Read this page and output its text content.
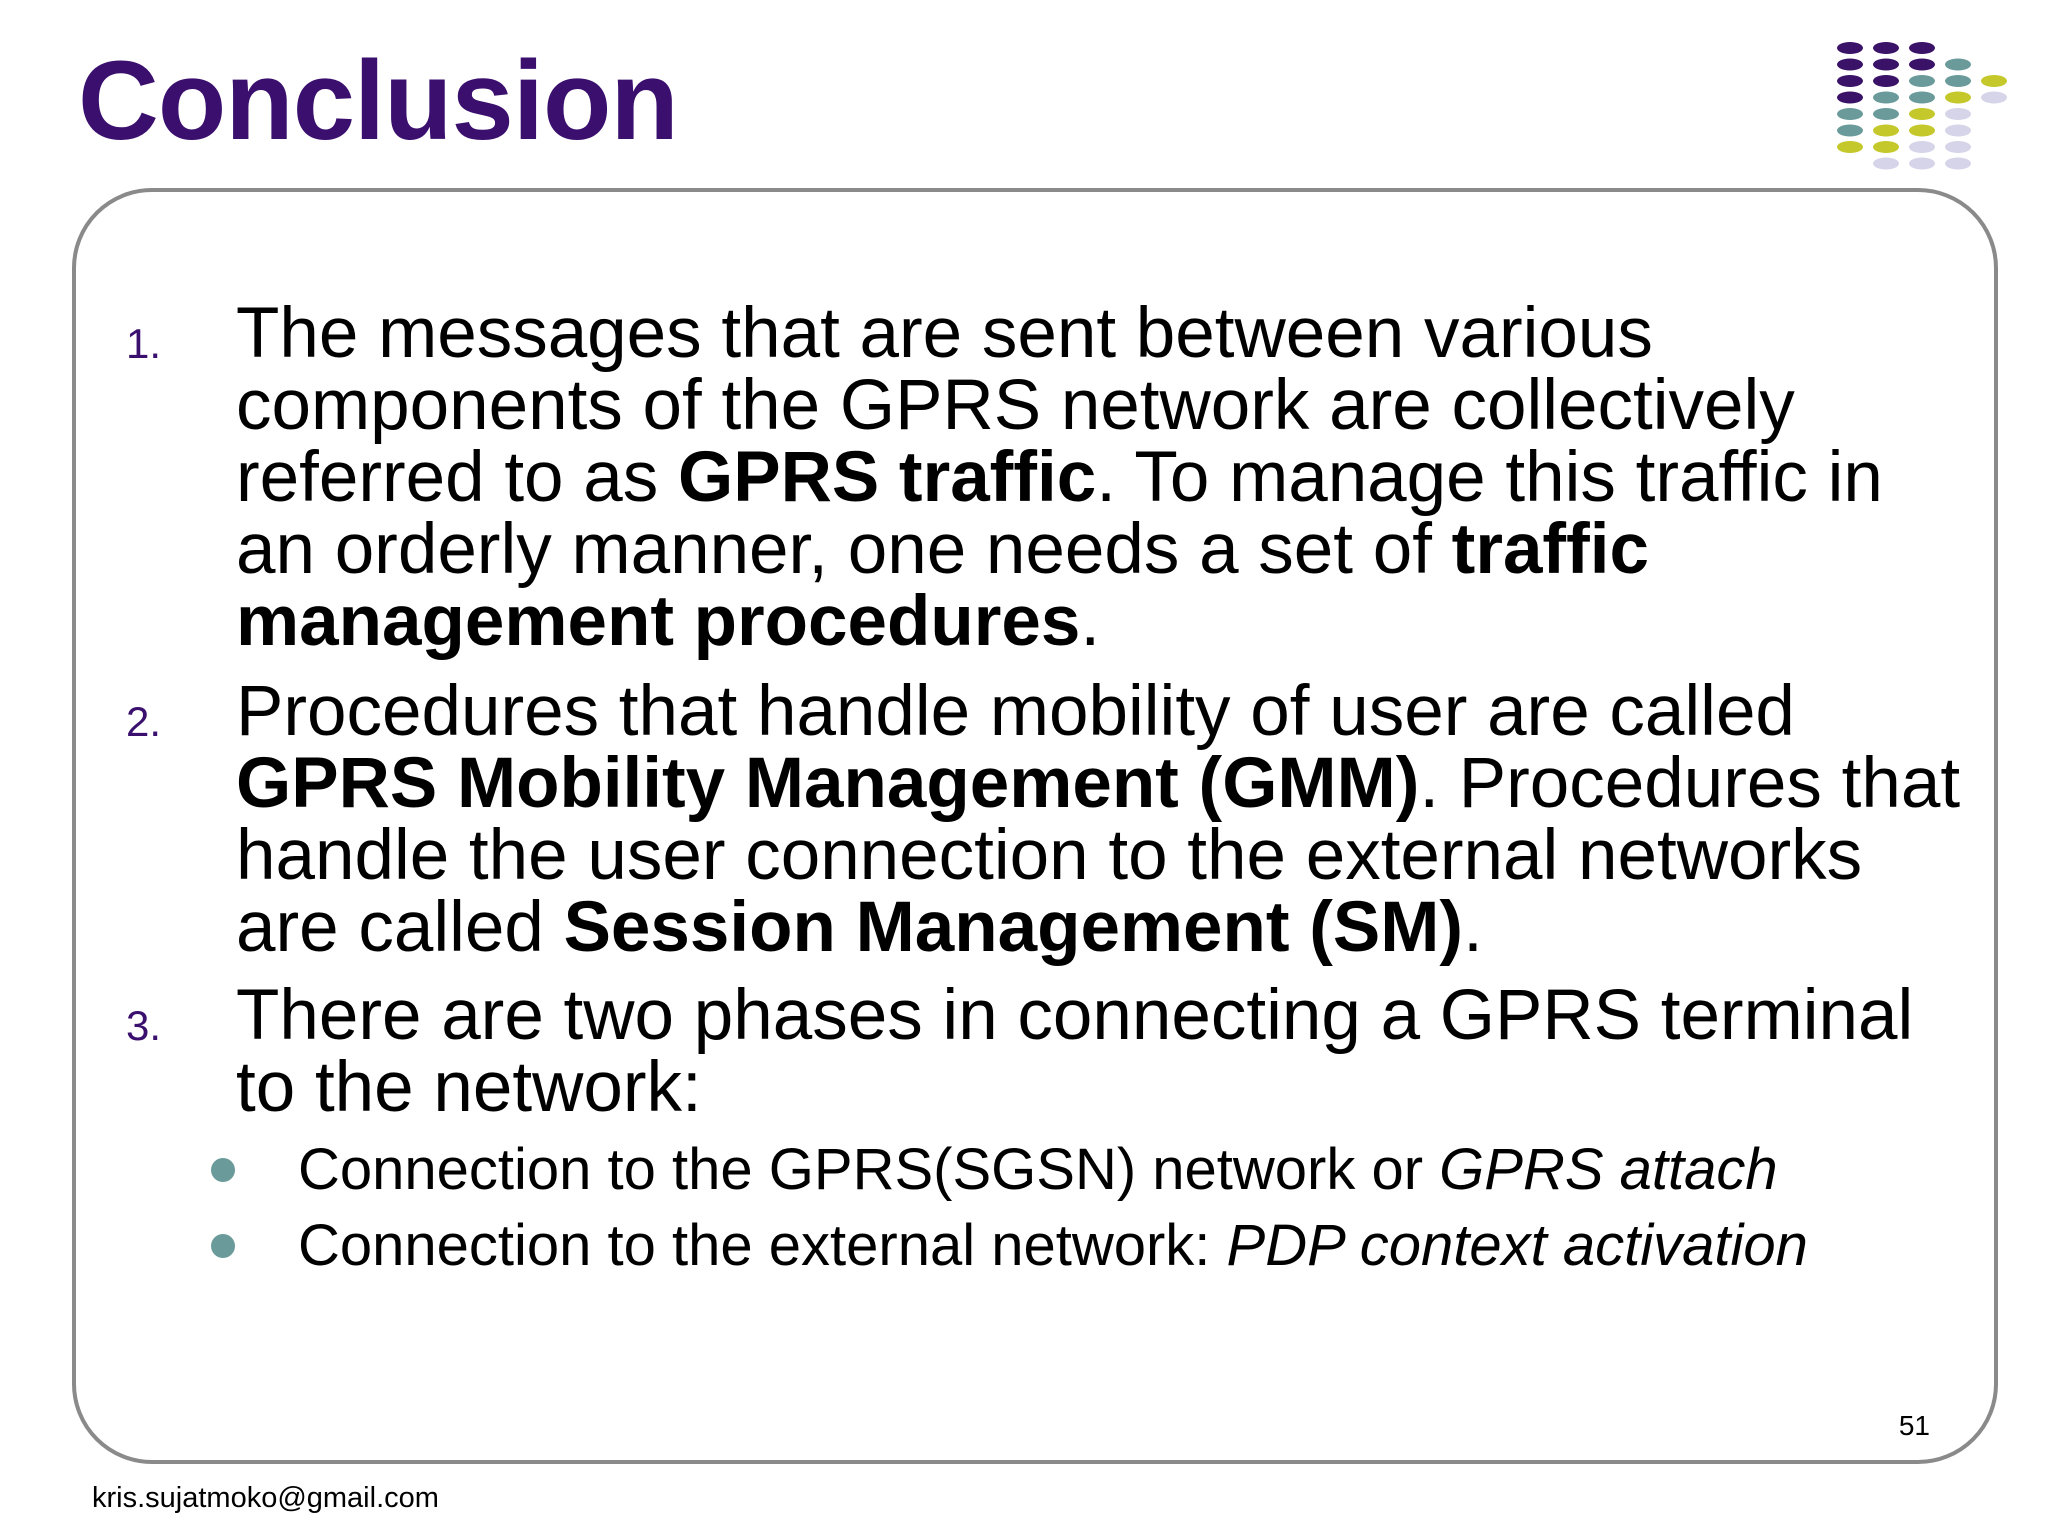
Conclusion
1. The messages that are sent between various components of the GPRS network are collectively referred to as GPRS traffic. To manage this traffic in an orderly manner, one needs a set of traffic management procedures.

2. Procedures that handle mobility of user are called GPRS Mobility Management (GMM). Procedures that handle the user connection to the external networks are called Session Management (SM).

3. There are two phases in connecting a GPRS terminal to the network:

Connection to the GPRS(SGSN) network or GPRS attach

Connection to the external network: PDP context activation

51
kris.sujatmoko@gmail.com
